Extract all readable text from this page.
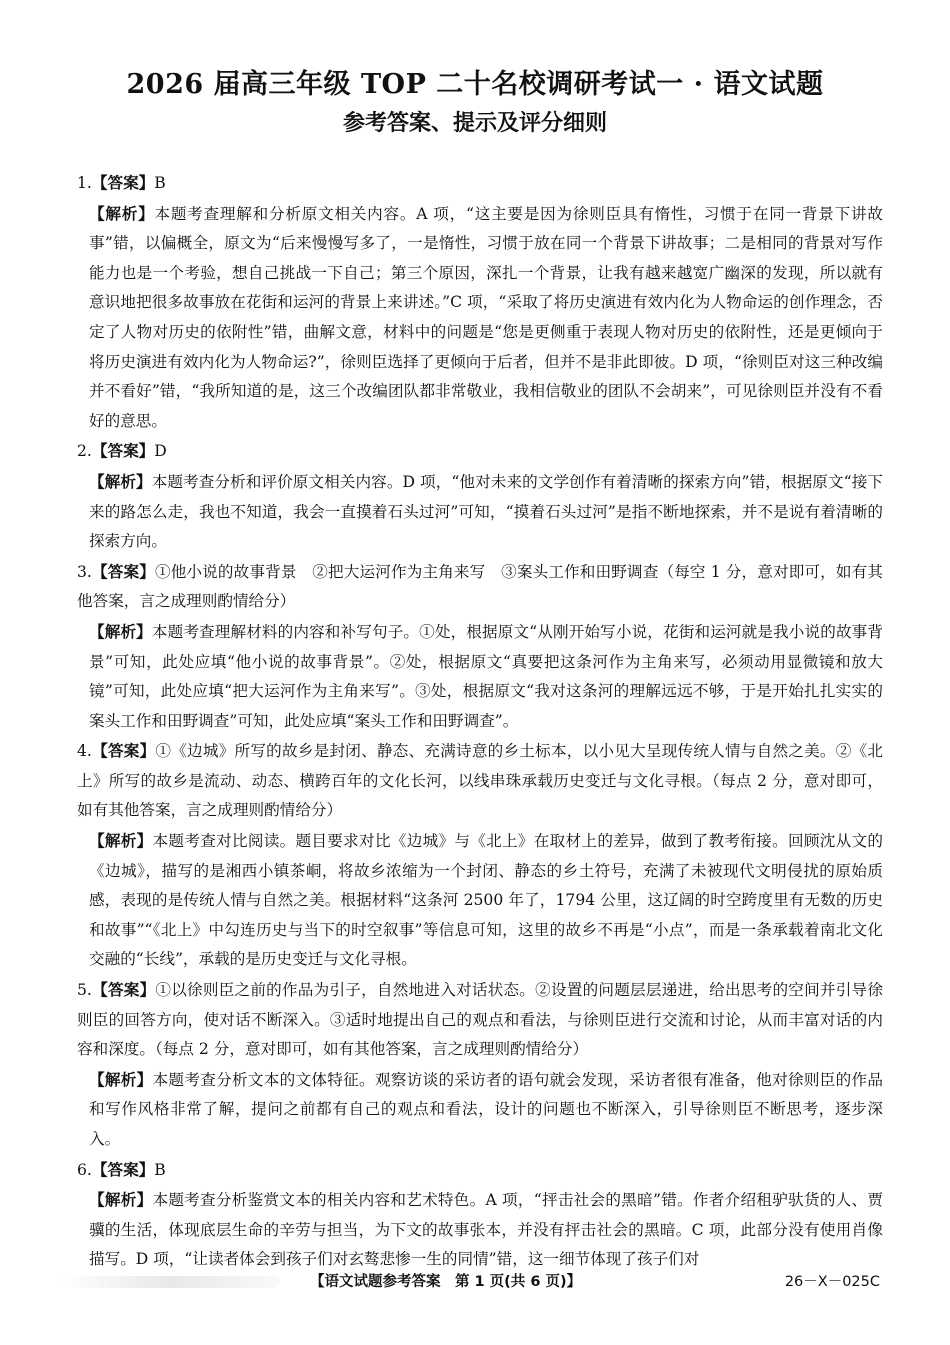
2026 届高三年级 TOP 二十名校调研考试一 · 语文试题
参考答案、提示及评分细则
1.【答案】B
【解析】本题考查理解和分析原文相关内容。A 项，“这主要是因为徐则臣具有惰性，习惯于在同一背景下讲故事”错，以偏概全，原文为“后来慢慢写多了，一是惰性，习惯于放在同一个背景下讲故事；二是相同的背景对写作能力也是一个考验，想自己挑战一下自己；第三个原因，深扎一个背景，让我有越来越宽广幽深的发现，所以就有意识地把很多故事放在花街和运河的背景上来讲述。”C 项，“采取了将历史演进有效内化为人物命运的创作理念，否定了人物对历史的依附性”错，曲解文意，材料中的问题是“您是更侧重于表现人物对历史的依附性，还是更倾向于将历史演进有效内化为人物命运?”，徐则臣选择了更倾向于后者，但并不是非此即彼。D 项，“徐则臣对这三种改编并不看好”错，“我所知道的是，这三个改编团队都非常敬业，我相信敬业的团队不会胡来”，可见徐则臣并没有不看好的意思。
2.【答案】D
【解析】本题考查分析和评价原文相关内容。D 项，“他对未来的文学创作有着清晰的探索方向”错，根据原文“接下来的路怎么走，我也不知道，我会一直摸着石头过河”可知，“摸着石头过河”是指不断地探索，并不是说有着清晰的探索方向。
3.【答案】①他小说的故事背景　②把大运河作为主角来写　③案头工作和田野调查（每空 1 分，意对即可，如有其他答案，言之成理则酌情给分）
【解析】本题考查理解材料的内容和补写句子。①处，根据原文“从刚开始写小说，花街和运河就是我小说的故事背景”可知，此处应填“他小说的故事背景”。②处，根据原文“真要把这条河作为主角来写，必须动用显微镜和放大镜”可知，此处应填“把大运河作为主角来写”。③处，根据原文“我对这条河的理解远远不够，于是开始扎扎实实的案头工作和田野调查”可知，此处应填“案头工作和田野调查”。
4.【答案】①《边城》所写的故乡是封闭、静态、充满诗意的乡土标本，以小见大呈现传统人情与自然之美。②《北上》所写的故乡是流动、动态、横跨百年的文化长河，以线串珠承载历史变迁与文化寻根。（每点 2 分，意对即可，如有其他答案，言之成理则酌情给分）
【解析】本题考查对比阅读。题目要求对比《边城》与《北上》在取材上的差异，做到了教考衔接。回顾沈从文的《边城》，描写的是湘西小镇茶峒，将故乡浓缩为一个封闭、静态的乡土符号，充满了未被现代文明侵扰的原始质感，表现的是传统人情与自然之美。根据材料“这条河 2500 年了，1794 公里，这辽阔的时空跨度里有无数的历史和故事”“《北上》中勾连历史与当下的时空叙事”等信息可知，这里的故乡不再是“小点”，而是一条承载着南北文化交融的“长线”，承载的是历史变迁与文化寻根。
5.【答案】①以徐则臣之前的作品为引子，自然地进入对话状态。②设置的问题层层递进，给出思考的空间并引导徐则臣的回答方向，使对话不断深入。③适时地提出自己的观点和看法，与徐则臣进行交流和讨论，从而丰富对话的内容和深度。（每点 2 分，意对即可，如有其他答案，言之成理则酌情给分）
【解析】本题考查分析文本的文体特征。观察访谈的采访者的语句就会发现，采访者很有准备，他对徐则臣的作品和写作风格非常了解，提问之前都有自己的观点和看法，设计的问题也不断深入，引导徐则臣不断思考，逐步深入。
6.【答案】B
【解析】本题考查分析鉴赏文本的相关内容和艺术特色。A 项，“抨击社会的黑暗”错。作者介绍租驴驮货的人、贾骥的生活，体现底层生命的辛劳与担当，为下文的故事张本，并没有抨击社会的黑暗。C 项，此部分没有使用肖像描写。D 项，“让读者体会到孩子们对玄骜悲惨一生的同情”错，这一细节体现了孩子们对
【语文试题参考答案　第 1 页(共 6 页)】	26－X－025C
